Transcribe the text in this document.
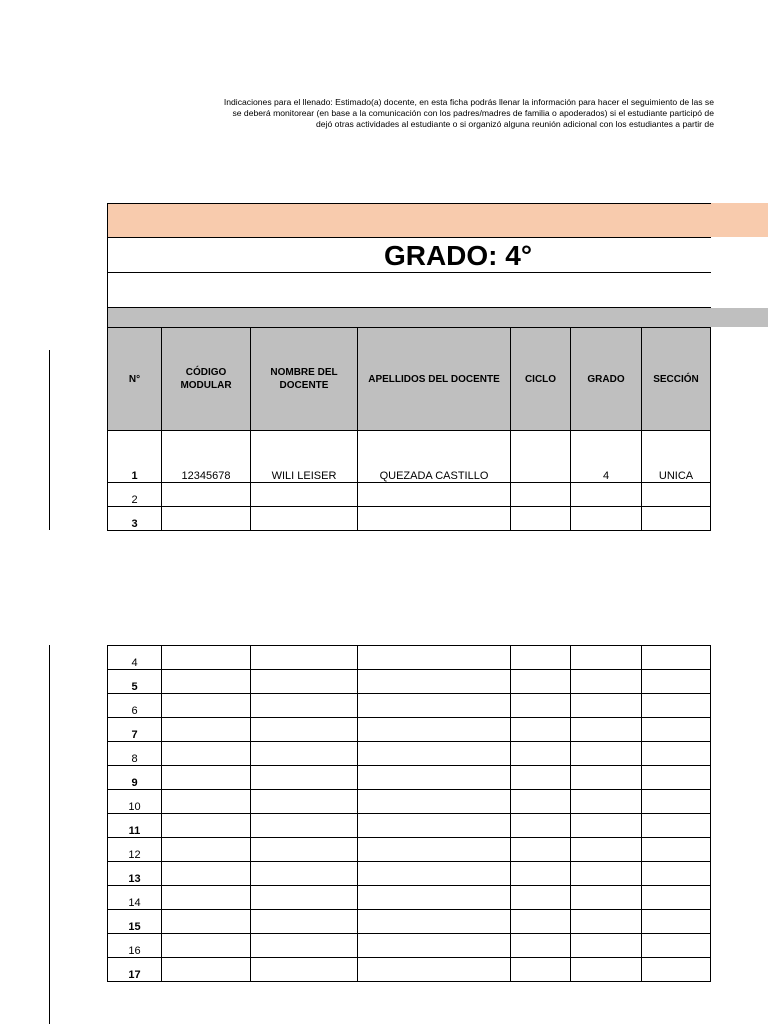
Indicaciones para el llenado: Estimado(a) docente, en esta ficha podrás llenar la información para hacer el seguimiento de las se
se deberá monitorear (en base a la comunicación con los padres/madres de familia o apoderados) si el estudiante participó de
dejó otras actividades al estudiante o si organizó alguna reunión adicional con los estudiantes a partir de
GRADO: 4°
N°	CÓDIGO MODULAR	NOMBRE DEL DOCENTE	APELLIDOS DEL DOCENTE	CICLO	GRADO	SECCIÓN
1	12345678	WILI LEISER	QUEZADA CASTILLO		4	UNICA
2						
3						
4						
5						
6						
7						
8						
9						
10						
11						
12						
13						
14						
15						
16						
17						
